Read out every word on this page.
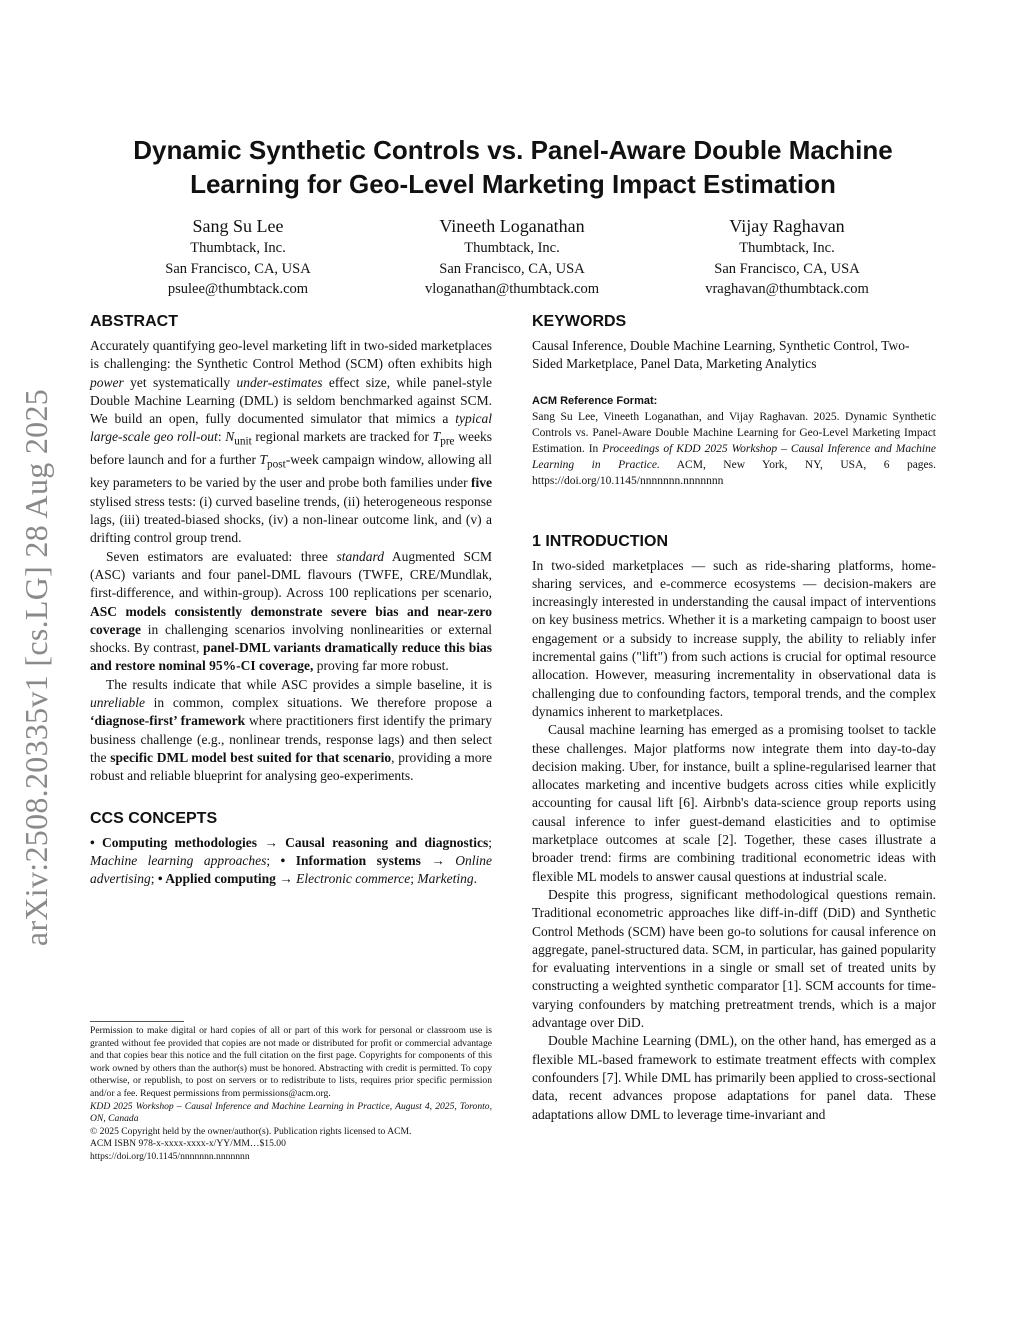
arXiv:2508.20335v1 [cs.LG] 28 Aug 2025
Dynamic Synthetic Controls vs. Panel-Aware Double Machine Learning for Geo-Level Marketing Impact Estimation
Sang Su Lee
Thumbtack, Inc.
San Francisco, CA, USA
psulee@thumbtack.com
Vineeth Loganathan
Thumbtack, Inc.
San Francisco, CA, USA
vloganathan@thumbtack.com
Vijay Raghavan
Thumbtack, Inc.
San Francisco, CA, USA
vraghavan@thumbtack.com
ABSTRACT

Accurately quantifying geo-level marketing lift in two-sided marketplaces is challenging: the Synthetic Control Method (SCM) often exhibits high power yet systematically under-estimates effect size, while panel-style Double Machine Learning (DML) is seldom benchmarked against SCM. We build an open, fully documented simulator that mimics a typical large-scale geo roll-out: $N_{unit}$ regional markets are tracked for $T_{pre}$ weeks before launch and for a further $T_{post}$-week campaign window, allowing all key parameters to be varied by the user and probe both families under five stylised stress tests: (i) curved baseline trends, (ii) heterogeneous response lags, (iii) treated-biased shocks, (iv) a non-linear outcome link, and (v) a drifting control group trend.

Seven estimators are evaluated: three standard Augmented SCM (ASC) variants and four panel-DML flavours (TWFE, CRE/Mundlak, first-difference, and within-group). Across 100 replications per scenario, ASC models consistently demonstrate severe bias and near-zero coverage in challenging scenarios involving nonlinearities or external shocks. By contrast, panel-DML variants dramatically reduce this bias and restore nominal 95%-CI coverage, proving far more robust.

The results indicate that while ASC provides a simple baseline, it is unreliable in common, complex situations. We therefore propose a ‘diagnose-first’ framework where practitioners first identify the primary business challenge (e.g., nonlinear trends, response lags) and then select the specific DML model best suited for that scenario, providing a more robust and reliable blueprint for analysing geo-experiments.

CCS CONCEPTS

• Computing methodologies → Causal reasoning and diagnostics; Machine learning approaches; • Information systems → Online advertising; • Applied computing → Electronic commerce; Marketing.

Permission to make digital or hard copies of all or part of this work for personal or classroom use is granted without fee provided that copies are not made or distributed for profit or commercial advantage and that copies bear this notice and the full citation on the first page. Copyrights for components of this work owned by others than the author(s) must be honored. Abstracting with credit is permitted. To copy otherwise, or republish, to post on servers or to redistribute to lists, requires prior specific permission and/or a fee. Request permissions from permissions@acm.org.

KDD 2025 Workshop – Causal Inference and Machine Learning in Practice, August 4, 2025, Toronto, ON, Canada

© 2025 Copyright held by the owner/author(s). Publication rights licensed to ACM.

ACM ISBN 978-x-xxxx-xxxx-x/YY/MM…$15.00

https://doi.org/10.1145/nnnnnnn.nnnnnnn

KEYWORDS

Causal Inference, Double Machine Learning, Synthetic Control, Two-Sided Marketplace, Panel Data, Marketing Analytics

ACM Reference Format:

Sang Su Lee, Vineeth Loganathan, and Vijay Raghavan. 2025. Dynamic Synthetic Controls vs. Panel-Aware Double Machine Learning for Geo-Level Marketing Impact Estimation. In Proceedings of KDD 2025 Workshop – Causal Inference and Machine Learning in Practice. ACM, New York, NY, USA, 6 pages. https://doi.org/10.1145/nnnnnnn.nnnnnnn

1 INTRODUCTION

In two-sided marketplaces — such as ride-sharing platforms, home-sharing services, and e-commerce ecosystems — decision-makers are increasingly interested in understanding the causal impact of interventions on key business metrics. Whether it is a marketing campaign to boost user engagement or a subsidy to increase supply, the ability to reliably infer incremental gains ("lift") from such actions is crucial for optimal resource allocation. However, measuring incrementality in observational data is challenging due to confounding factors, temporal trends, and the complex dynamics inherent to marketplaces.

Causal machine learning has emerged as a promising toolset to tackle these challenges. Major platforms now integrate them into day-to-day decision making. Uber, for instance, built a spline-regularised learner that allocates marketing and incentive budgets across cities while explicitly accounting for causal lift [6]. Airbnb's data-science group reports using causal inference to infer guest-demand elasticities and to optimise marketplace outcomes at scale [2]. Together, these cases illustrate a broader trend: firms are combining traditional econometric ideas with flexible ML models to answer causal questions at industrial scale.

Despite this progress, significant methodological questions remain. Traditional econometric approaches like diff-in-diff (DiD) and Synthetic Control Methods (SCM) have been go-to solutions for causal inference on aggregate, panel-structured data. SCM, in particular, has gained popularity for evaluating interventions in a single or small set of treated units by constructing a weighted synthetic comparator [1]. SCM accounts for time-varying confounders by matching pretreatment trends, which is a major advantage over DiD.

Double Machine Learning (DML), on the other hand, has emerged as a flexible ML-based framework to estimate treatment effects with complex confounders [7]. While DML has primarily been applied to cross-sectional data, recent advances propose adaptations for panel data. These adaptations allow DML to leverage time-invariant and
